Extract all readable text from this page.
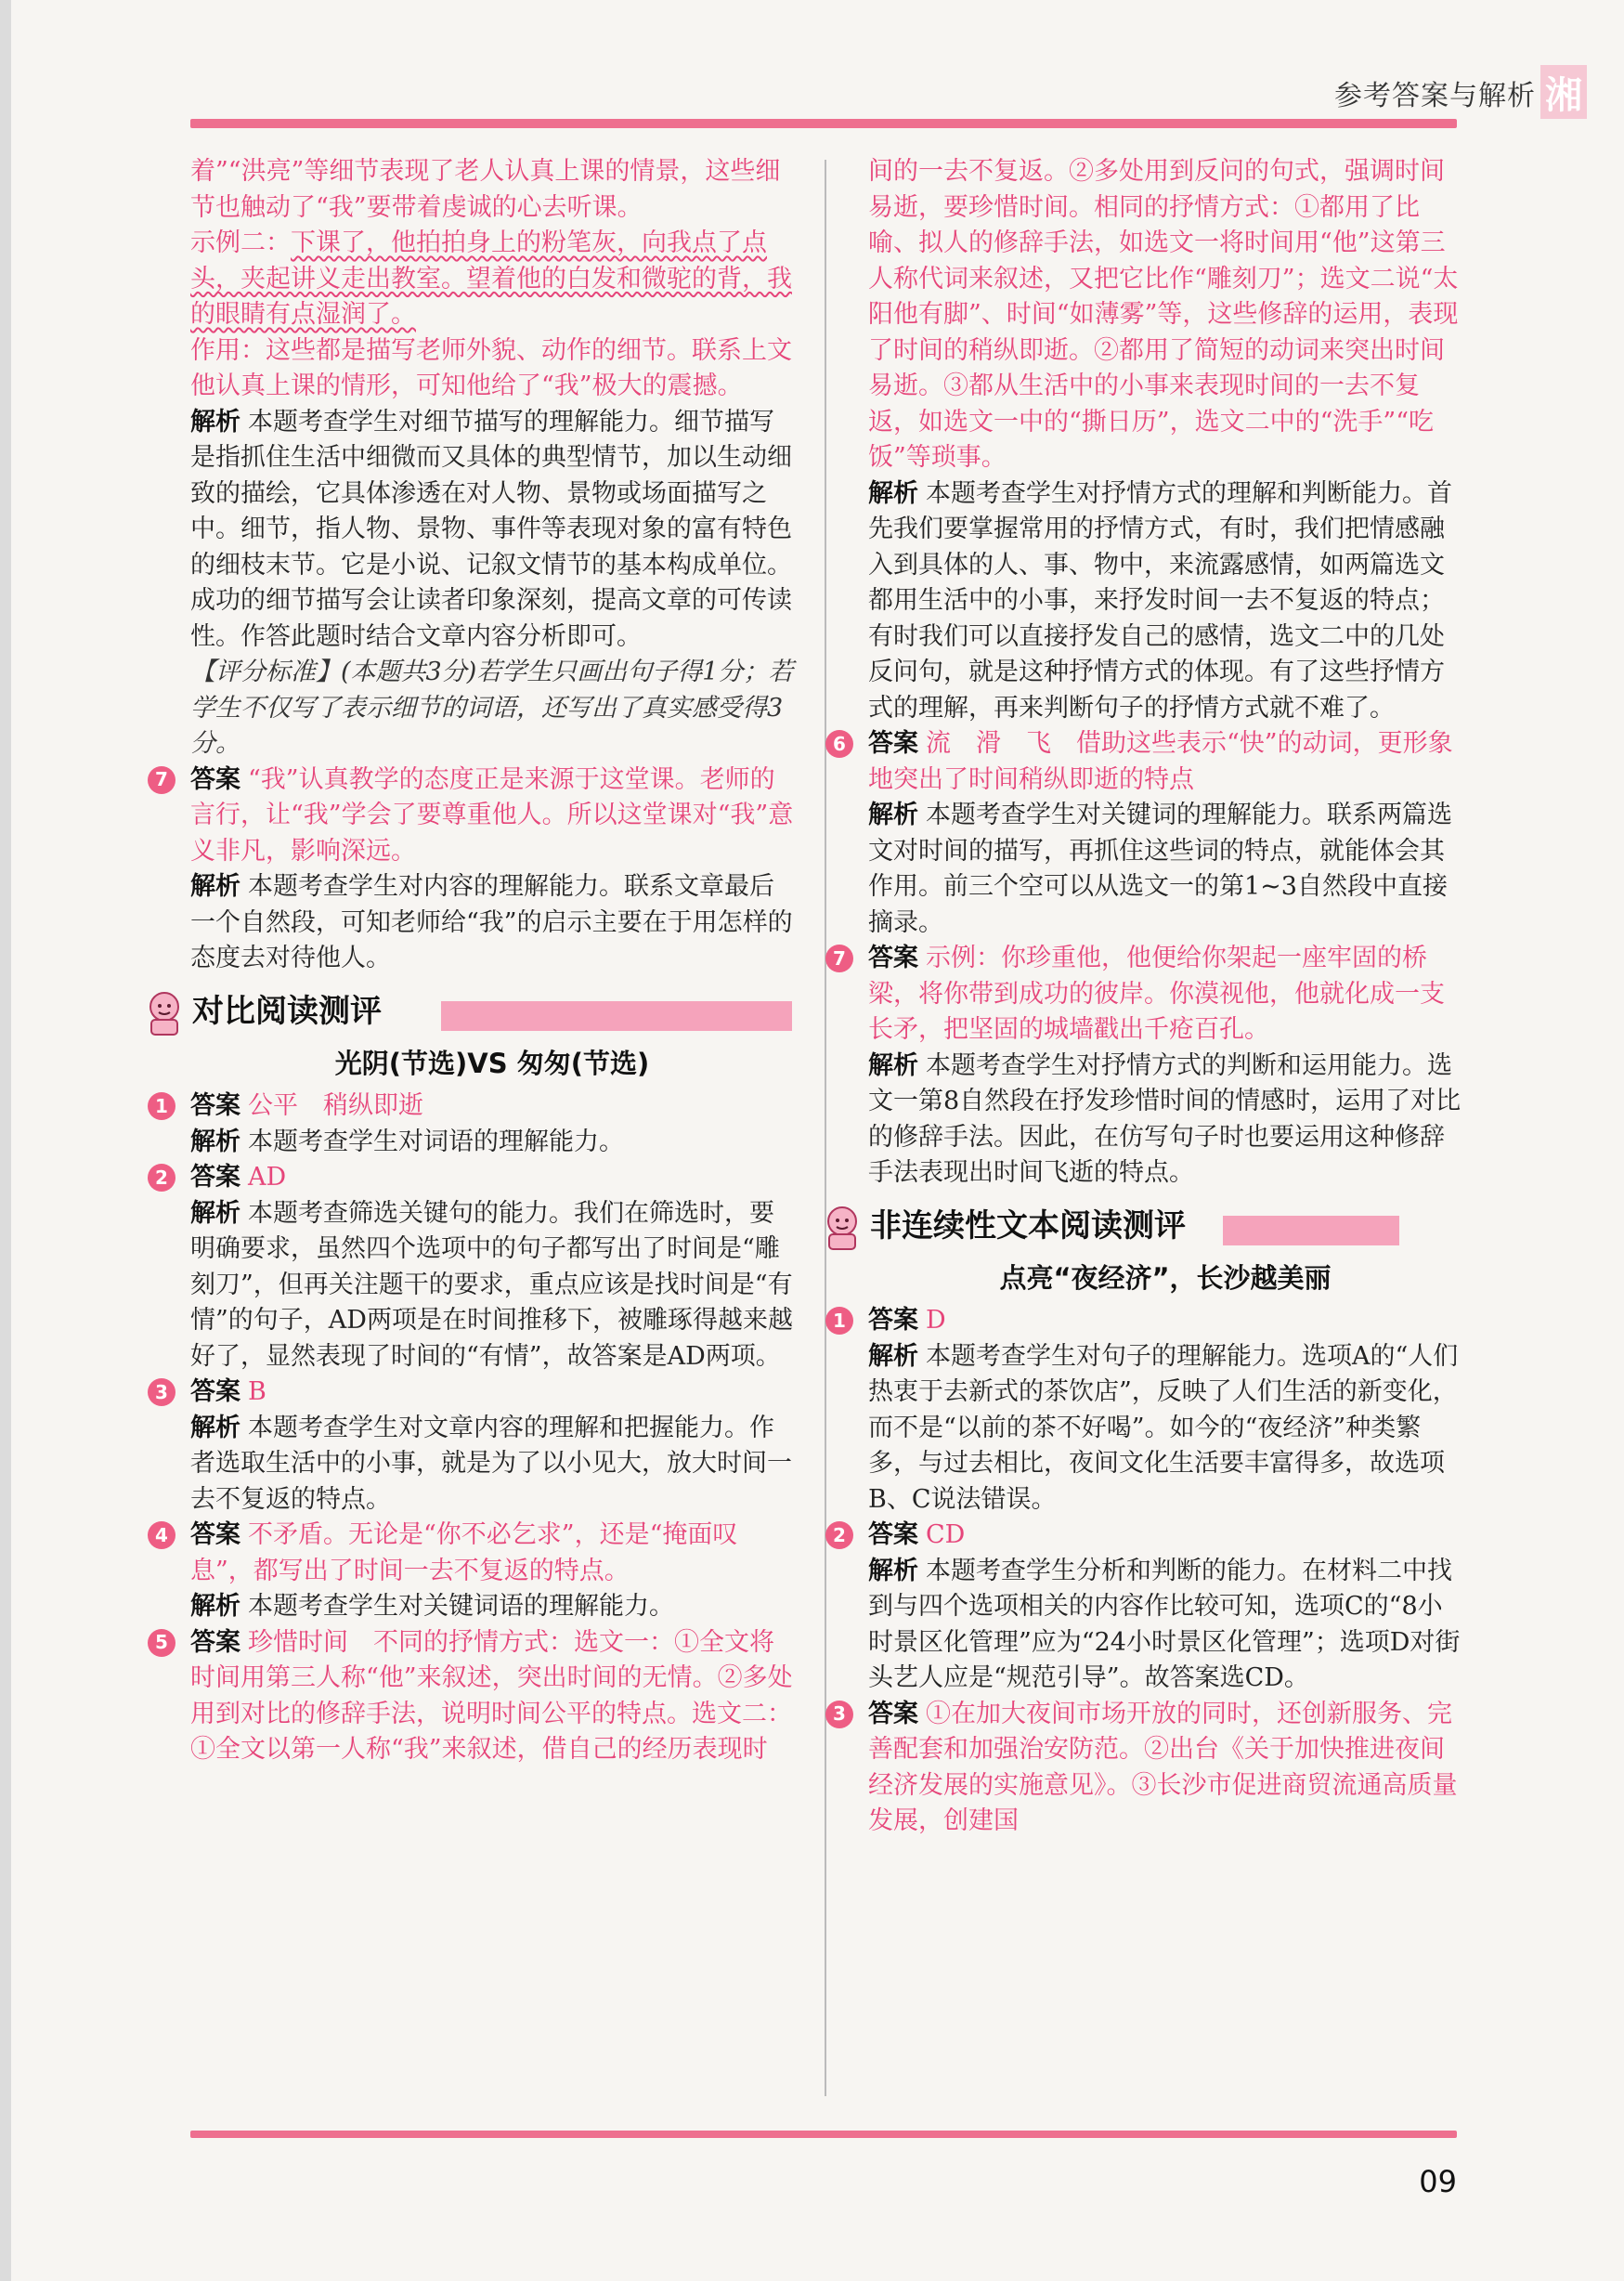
参考答案与解析 湘

着”“洪亮”等细节表现了老人认真上课的情景，这些细节也触动了“我”要带着虔诚的心去听课。

示例二：下课了，他拍拍身上的粉笔灰，向我点了点头，夹起讲义走出教室。望着他的白发和微驼的背，我的眼睛有点湿润了。

作用：这些都是描写老师外貌、动作的细节。联系上文他认真上课的情形，可知他给了“我”极大的震撼。

解析 本题考查学生对细节描写的理解能力。细节描写是指抓住生活中细微而又具体的典型情节，加以生动细致的描绘，它具体渗透在对人物、景物或场面描写之中。细节，指人物、景物、事件等表现对象的富有特色的细枝末节。它是小说、记叙文情节的基本构成单位。成功的细节描写会让读者印象深刻，提高文章的可传读性。作答此题时结合文章内容分析即可。

【评分标准】(本题共3分)若学生只画出句子得1分；若学生不仅写了表示细节的词语，还写出了真实感受得3分。

7 答案 “我”认真教学的态度正是来源于这堂课。老师的言行，让“我”学会了要尊重他人。所以这堂课对“我”意义非凡，影响深远。

解析 本题考查学生对内容的理解能力。联系文章最后一个自然段，可知老师给“我”的启示主要在于用怎样的态度去对待他人。

对比阅读测评
光阴(节选)VS 匆匆(节选)
1 答案 公平　稍纵即逝

解析 本题考查学生对词语的理解能力。

2 答案 AD

解析 本题考查筛选关键句的能力。我们在筛选时，要明确要求，虽然四个选项中的句子都写出了时间是“雕刻刀”，但再关注题干的要求，重点应该是找时间是“有情”的句子，AD两项是在时间推移下，被雕琢得越来越好了，显然表现了时间的“有情”，故答案是AD两项。

3 答案 B

解析 本题考查学生对文章内容的理解和把握能力。作者选取生活中的小事，就是为了以小见大，放大时间一去不复返的特点。

4 答案 不矛盾。无论是“你不必乞求”，还是“掩面叹息”，都写出了时间一去不复返的特点。

解析 本题考查学生对关键词语的理解能力。

5 答案 珍惜时间　不同的抒情方式：选文一：①全文将时间用第三人称“他”来叙述，突出时间的无情。②多处用到对比的修辞手法，说明时间公平的特点。选文二：①全文以第一人称“我”来叙述，借自己的经历表现时

间的一去不复返。②多处用到反问的句式，强调时间易逝，要珍惜时间。相同的抒情方式：①都用了比喻、拟人的修辞手法，如选文一将时间用“他”这第三人称代词来叙述，又把它比作“雕刻刀”；选文二说“太阳他有脚”、时间“如薄雾”等，这些修辞的运用，表现了时间的稍纵即逝。②都用了简短的动词来突出时间易逝。③都从生活中的小事来表现时间的一去不复返，如选文一中的“撕日历”，选文二中的“洗手”“吃饭”等琐事。

解析 本题考查学生对抒情方式的理解和判断能力。首先我们要掌握常用的抒情方式，有时，我们把情感融入到具体的人、事、物中，来流露感情，如两篇选文都用生活中的小事，来抒发时间一去不复返的特点；有时我们可以直接抒发自己的感情，选文二中的几处反问句，就是这种抒情方式的体现。有了这些抒情方式的理解，再来判断句子的抒情方式就不难了。

6 答案 流　滑　飞　借助这些表示“快”的动词，更形象地突出了时间稍纵即逝的特点

解析 本题考查学生对关键词的理解能力。联系两篇选文对时间的描写，再抓住这些词的特点，就能体会其作用。前三个空可以从选文一的第1~3自然段中直接摘录。

7 答案 示例：你珍重他，他便给你架起一座牢固的桥梁，将你带到成功的彼岸。你漠视他，他就化成一支长矛，把坚固的城墙戳出千疮百孔。

解析 本题考查学生对抒情方式的判断和运用能力。选文一第8自然段在抒发珍惜时间的情感时，运用了对比的修辞手法。因此，在仿写句子时也要运用这种修辞手法表现出时间飞逝的特点。

非连续性文本阅读测评
点亮“夜经济”，长沙越美丽
1 答案 D

解析 本题考查学生对句子的理解能力。选项A的“人们热衷于去新式的茶饮店”，反映了人们生活的新变化，而不是“以前的茶不好喝”。如今的“夜经济”种类繁多，与过去相比，夜间文化生活要丰富得多，故选项B、C说法错误。

2 答案 CD

解析 本题考查学生分析和判断的能力。在材料二中找到与四个选项相关的内容作比较可知，选项C的“8小时景区化管理”应为“24小时景区化管理”；选项D对街头艺人应是“规范引导”。故答案选CD。

3 答案 ①在加大夜间市场开放的同时，还创新服务、完善配套和加强治安防范。②出台《关于加快推进夜间经济发展的实施意见》。③长沙市促进商贸流通高质量发展，创建国

09
